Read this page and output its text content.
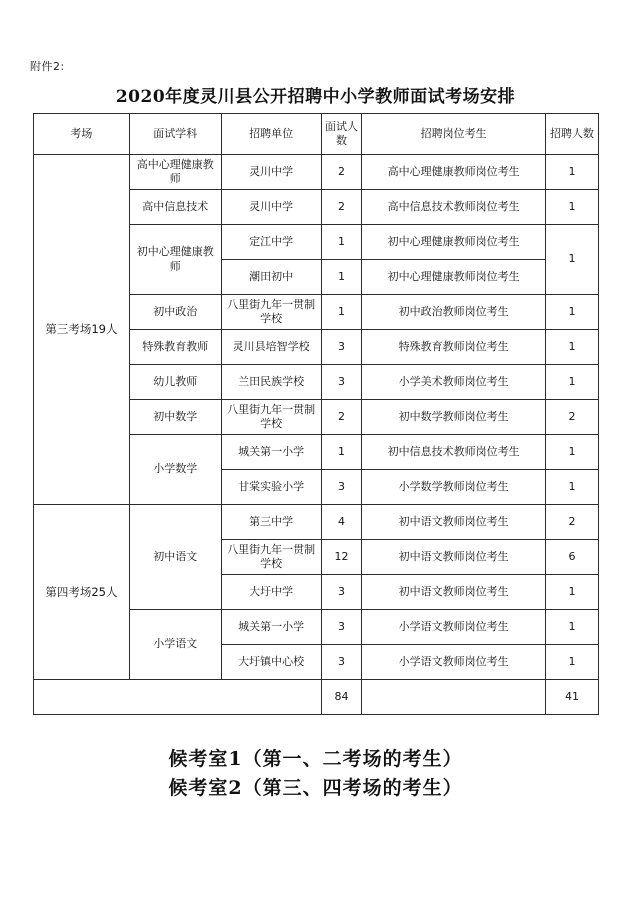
附件2:
2020年度灵川县公开招聘中小学教师面试考场安排
考场	面试学科	招聘单位	面试人数	招聘岗位考生	招聘人数
第三考场19人	高中心理健康教师	灵川中学	2	高中心理健康教师岗位考生	1
	高中信息技术	灵川中学	2	高中信息技术教师岗位考生	1
	初中心理健康教师	定江中学	1	初中心理健康教师岗位考生	1
		潮田初中	1	初中心理健康教师岗位考生	
	初中政治	八里街九年一贯制学校	1	初中政治教师岗位考生	1
	特殊教育教师	灵川县培智学校	3	特殊教育教师岗位考生	1
	幼儿教师	兰田民族学校	3	小学美术教师岗位考生	1
	初中数学	八里街九年一贯制学校	2	初中数学教师岗位考生	2
	小学数学	城关第一小学	1	初中信息技术教师岗位考生	1
		甘棠实验小学	3	小学数学教师岗位考生	1
第四考场25人	初中语文	第三中学	4	初中语文教师岗位考生	2
		八里街九年一贯制学校	12	初中语文教师岗位考生	6
		大圩中学	3	初中语文教师岗位考生	1
	小学语文	城关第一小学	3	小学语文教师岗位考生	1
		大圩镇中心校	3	小学语文教师岗位考生	1
			84		41
候考室1（第一、二考场的考生）
候考室2（第三、四考场的考生）
